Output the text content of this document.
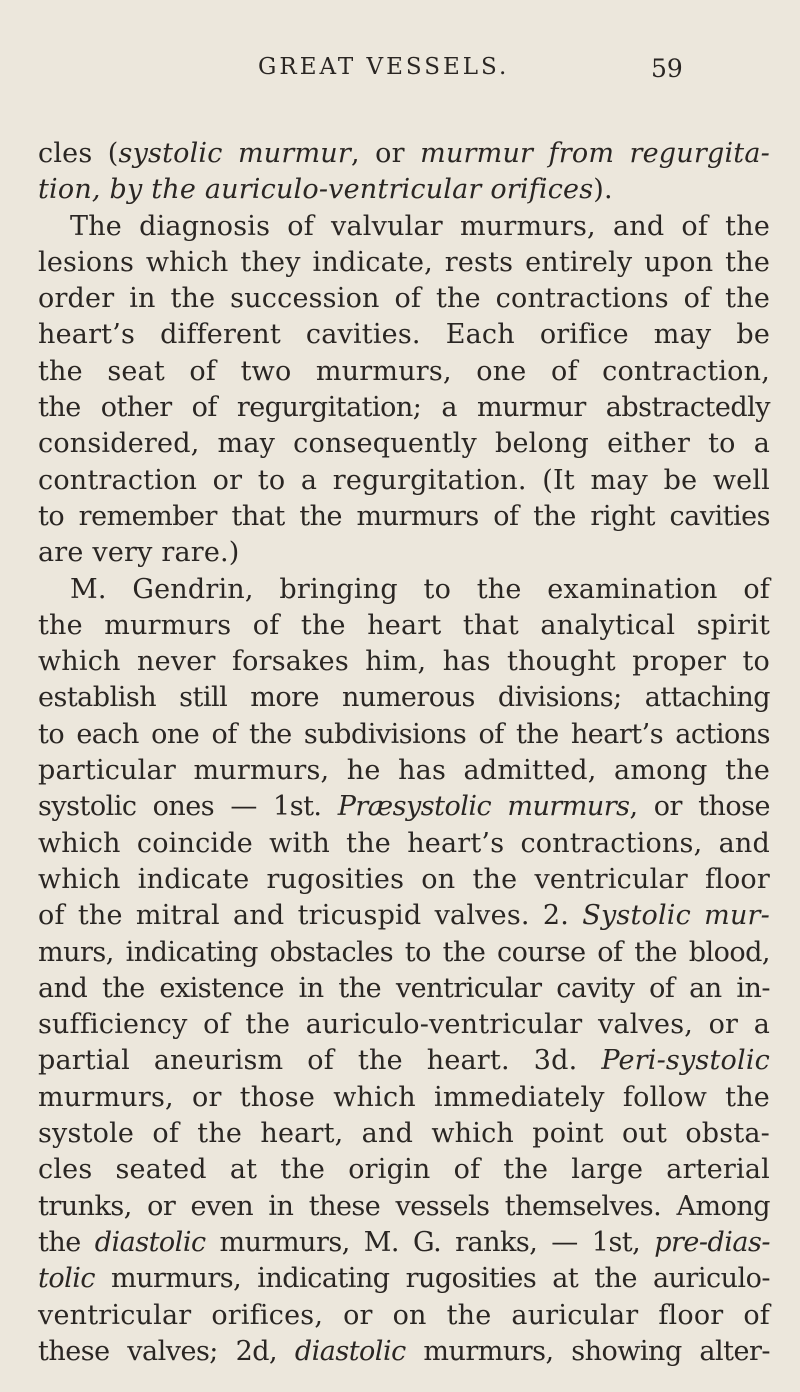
GREAT VESSELS.	59
cles (systolic murmur, or murmur from regurgita-
tion, by the auriculo-ventricular orifices).
The diagnosis of valvular murmurs, and of the
lesions which they indicate, rests entirely upon the
order in the succession of the contractions of the
heart’s different cavities. Each orifice may be
the seat of two murmurs, one of contraction,
the other of regurgitation; a murmur abstractedly
considered, may consequently belong either to a
contraction or to a regurgitation. (It may be well
to remember that the murmurs of the right cavities
are very rare.)
M. Gendrin, bringing to the examination of
the murmurs of the heart that analytical spirit
which never forsakes him, has thought proper to
establish still more numerous divisions; attaching
to each one of the subdivisions of the heart’s actions
particular murmurs, he has admitted, among the
systolic ones — 1st. Præsystolic murmurs, or those
which coincide with the heart’s contractions, and
which indicate rugosities on the ventricular floor
of the mitral and tricuspid valves. 2. Systolic mur-
murs, indicating obstacles to the course of the blood,
and the existence in the ventricular cavity of an in-
sufficiency of the auriculo-ventricular valves, or a
partial aneurism of the heart. 3d. Peri-systolic
murmurs, or those which immediately follow the
systole of the heart, and which point out obsta-
cles seated at the origin of the large arterial
trunks, or even in these vessels themselves. Among
the diastolic murmurs, M. G. ranks, — 1st, pre-dias-
tolic murmurs, indicating rugosities at the auriculo-
ventricular orifices, or on the auricular floor of
these valves; 2d, diastolic murmurs, showing alter-
